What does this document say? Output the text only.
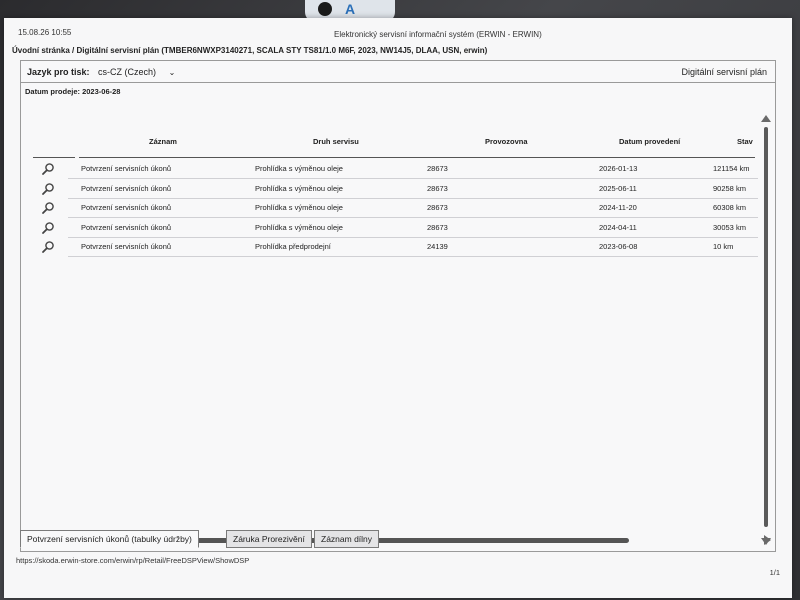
A
15.08.26 10:55	Elektronický servisní informační systém (ERWIN - ERWIN)
Úvodní stránka / Digitální servisní plán (TMBER6NWXP3140271, SCALA STY TS81/1.0 M6F, 2023, NW14J5, DLAA, USN, erwin)
Jazyk pro tisk: cs-CZ (Czech) ⌄	Digitální servisní plán
Datum prodeje: 2023-06-28
Záznam	Druh servisu	Provozovna	Datum provedení	Stav
Potvrzení servisních úkonů	Prohlídka s výměnou oleje	28673	2026-01-13	121154 km
Potvrzení servisních úkonů	Prohlídka s výměnou oleje	28673	2025-06-11	90258 km
Potvrzení servisních úkonů	Prohlídka s výměnou oleje	28673	2024-11-20	60308 km
Potvrzení servisních úkonů	Prohlídka s výměnou oleje	28673	2024-04-11	30053 km
Potvrzení servisních úkonů	Prohlídka předprodejní	24139	2023-06-08	10 km
Potvrzení servisních úkonů (tabulky údržby)	Záruka Prorezivění	Záznam dílny
https://skoda.erwin-store.com/erwin/rp/Retail/FreeDSPView/ShowDSP
1/1
